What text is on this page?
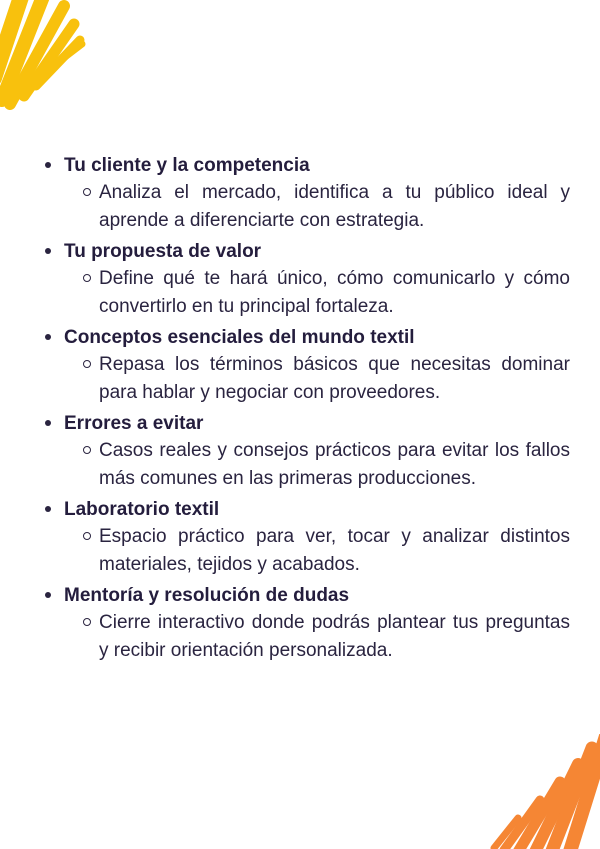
Tu cliente y la competencia
Analiza el mercado, identifica a tu público ideal y aprende a diferenciarte con estrategia.
Tu propuesta de valor
Define qué te hará único, cómo comunicarlo y cómo convertirlo en tu principal fortaleza.
Conceptos esenciales del mundo textil
Repasa los términos básicos que necesitas dominar para hablar y negociar con proveedores.
Errores a evitar
Casos reales y consejos prácticos para evitar los fallos más comunes en las primeras producciones.
Laboratorio textil
Espacio práctico para ver, tocar y analizar distintos materiales, tejidos y acabados.
Mentoría y resolución de dudas
Cierre interactivo donde podrás plantear tus preguntas y recibir orientación personalizada.
